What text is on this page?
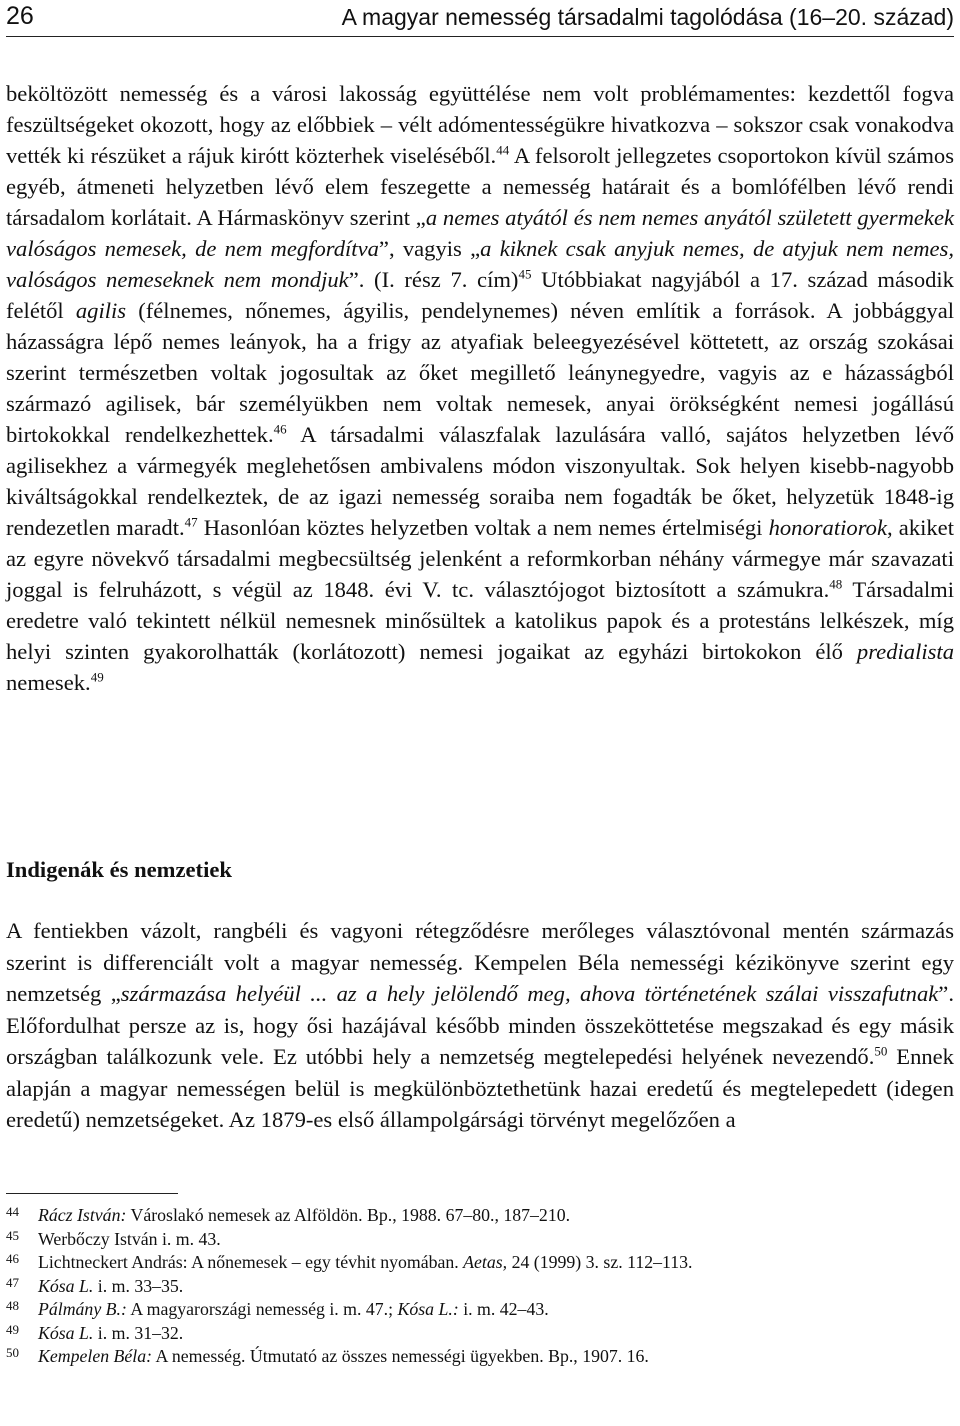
26	A magyar nemesség társadalmi tagolódása (16–20. század)

beköltözött nemesség és a városi lakosság együttélése nem volt problémamentes: kezdettől fogva feszültségeket okozott, hogy az előbbiek – vélt adómentességükre hivatkozva – sokszor csak vonakodva vették ki részüket a rájuk kirótt közterhek viseléséből.$^{44}$ A felsorolt jellegzetes csoportokon kívül számos egyéb, átmeneti helyzetben lévő elem feszegette a nemesség határait és a bomlófélben lévő rendi társadalom korlátait. A Hármaskönyv szerint „a nemes atyától és nem nemes anyától született gyermekek valóságos nemesek, de nem megfordítva”, vagyis „a kiknek csak anyjuk nemes, de atyjuk nem nemes, valóságos nemeseknek nem mondjuk”. (I. rész 7. cím)$^{45}$ Utóbbiakat nagyjából a 17. század második felétől agilis (félnemes, nőnemes, ágyilis, pendelynemes) néven említik a források. A jobbággyal házasságra lépő nemes leányok, ha a frigy az atyafiak beleegyezésével köttetett, az ország szokásai szerint természetben voltak jogosultak az őket megillető leánynegyedre, vagyis az e házasságból származó agilisek, bár személyükben nem voltak nemesek, anyai örökségként nemesi jogállású birtokokkal rendelkezhettek.$^{46}$ A társadalmi válaszfalak lazulására valló, sajátos helyzetben lévő agilisekhez a vármegyék meglehetősen ambivalens módon viszonyultak. Sok helyen kisebb-nagyobb kiváltságokkal rendelkeztek, de az igazi nemesség soraiba nem fogadták be őket, helyzetük 1848-ig rendezetlen maradt.$^{47}$ Hasonlóan köztes helyzetben voltak a nem nemes értelmiségi honoratiorok, akiket az egyre növekvő társadalmi megbecsültség jelenként a reformkorban néhány vármegye már szavazati joggal is felruházott, s végül az 1848. évi V. tc. választójogot biztosított a számukra.$^{48}$ Társadalmi eredetre való tekintett nélkül nemesnek minősültek a katolikus papok és a protestáns lelkészek, míg helyi szinten gyakorolhatták (korlátozott) nemesi jogaikat az egyházi birtokokon élő predialista nemesek.$^{49}$

Indigenák és nemzetiek

A fentiekben vázolt, rangbéli és vagyoni rétegződésre merőleges választóvonal mentén származás szerint is differenciált volt a magyar nemesség. Kempelen Béla nemességi kézikönyve szerint egy nemzetség „származása helyéül ... az a hely jelölendő meg, ahova történetének szálai visszafutnak”. Előfordulhat persze az is, hogy ősi hazájával később minden összeköttetése megszakad és egy másik országban találkozunk vele. Ez utóbbi hely a nemzetség megtelepedési helyének nevezendő.$^{50}$ Ennek alapján a magyar nemességen belül is megkülönböztethetünk hazai eredetű és megtelepedett (idegen eredetű) nemzetségeket. Az 1879-es első állampolgársági törvényt megelőzően a

44 Rácz István: Városlakó nemesek az Alföldön. Bp., 1988. 67–80., 187–210.
45 Werbőczy István i. m. 43.
46 Lichtneckert András: A nőnemesek – egy tévhit nyomában. Aetas, 24 (1999) 3. sz. 112–113.
47 Kósa L. i. m. 33–35.
48 Pálmány B.: A magyarországi nemesség i. m. 47.; Kósa L.: i. m. 42–43.
49 Kósa L. i. m. 31–32.
50 Kempelen Béla: A nemesség. Útmutató az összes nemességi ügyekben. Bp., 1907. 16.
